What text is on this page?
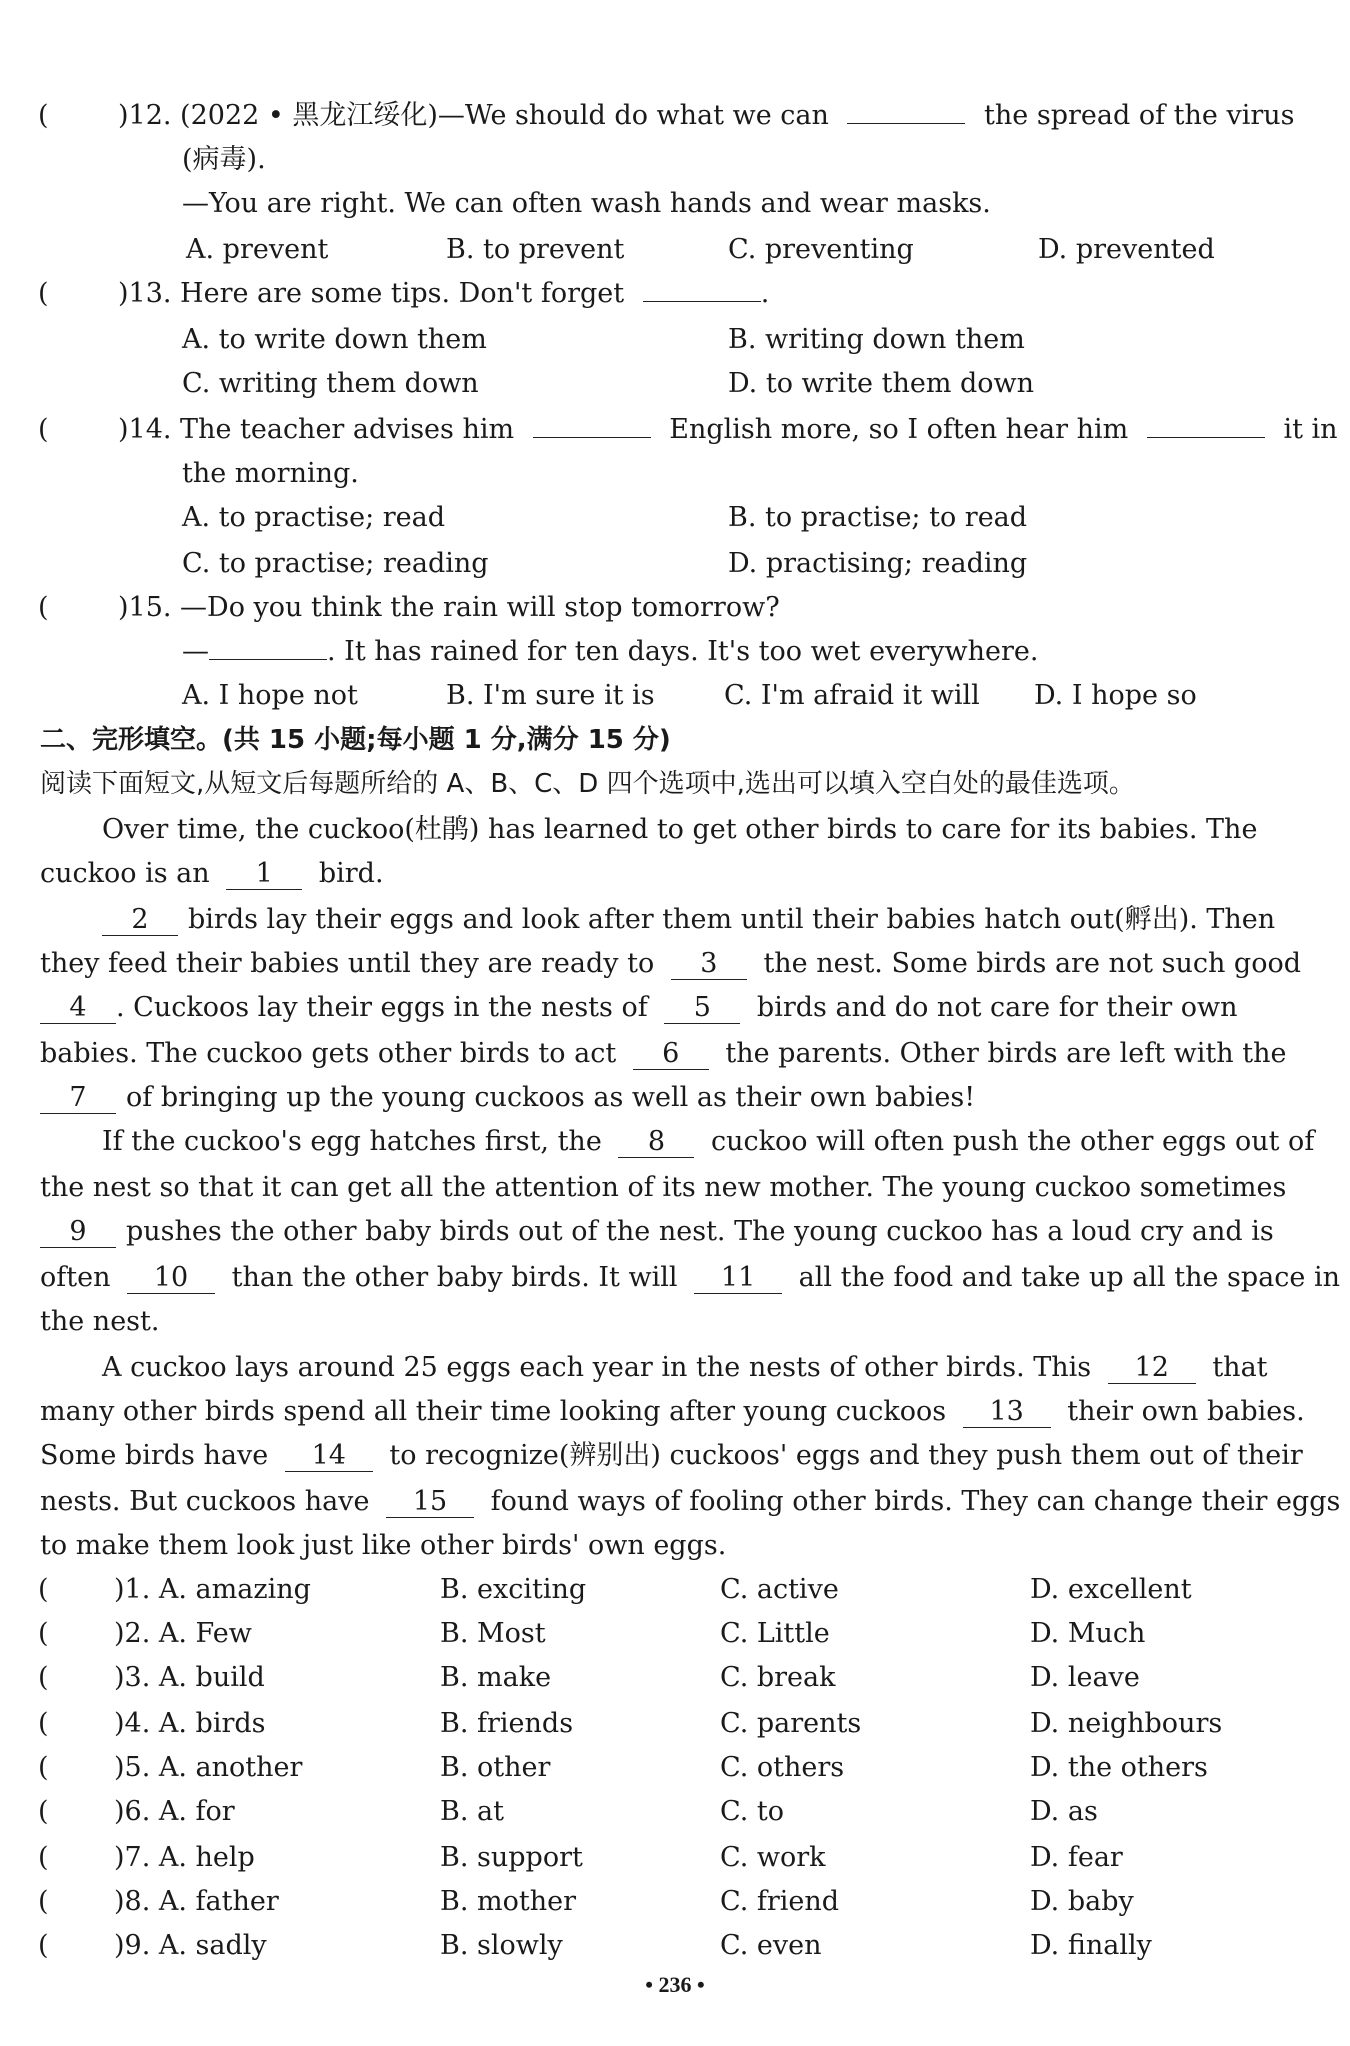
(	)12. (2022 • 黑龙江绥化)—We should do what we can	the spread of the virus
(病毒).
—You are right. We can often wash hands and wear masks.
A. prevent	B. to prevent	C. preventing	D. prevented
(	)13. Here are some tips. Don't forget	.
A. to write down them	B. writing down them
C. writing them down	D. to write them down
(	)14. The teacher advises him	English more, so I often hear him	it in
the morning.
A. to practise; read	B. to practise; to read
C. to practise; reading	D. practising; reading
(	)15. —Do you think the rain will stop tomorrow?
—	. It has rained for ten days. It's too wet everywhere.
A. I hope not	B. I'm sure it is	C. I'm afraid it will D. I hope so
二、完形填空。(共 15 小题;每小题 1 分,满分 15 分)
阅读下面短文,从短文后每题所给的 A、B、C、D 四个选项中,选出可以填入空白处的最佳选项。
Over time, the cuckoo(杜鹃) has learned to get other birds to care for its babies. The
cuckoo is an 1 bird.
2 birds lay their eggs and look after them until their babies hatch out(孵出). Then
they feed their babies until they are ready to 3 the nest. Some birds are not such good
4 . Cuckoos lay their eggs in the nests of 5 birds and do not care for their own
babies. The cuckoo gets other birds to act 6 the parents. Other birds are left with the
7 of bringing up the young cuckoos as well as their own babies!
If the cuckoo's egg hatches first, the 8 cuckoo will often push the other eggs out of
the nest so that it can get all the attention of its new mother. The young cuckoo sometimes
9 pushes the other baby birds out of the nest. The young cuckoo has a loud cry and is
often 10 than the other baby birds. It will 11 all the food and take up all the space in
the nest.
A cuckoo lays around 25 eggs each year in the nests of other birds. This 12 that
many other birds spend all their time looking after young cuckoos 13 their own babies.
Some birds have 14 to recognize(辨别出) cuckoos' eggs and they push them out of their
nests. But cuckoos have 15 found ways of fooling other birds. They can change their eggs
to make them look just like other birds' own eggs.
( )1. A. amazing	B. exciting	C. active	D. excellent
( )2. A. Few	B. Most	C. Little	D. Much
( )3. A. build	B. make	C. break	D. leave
( )4. A. birds	B. friends	C. parents	D. neighbours
( )5. A. another	B. other	C. others	D. the others
( )6. A. for	B. at	C. to	D. as
( )7. A. help	B. support	C. work	D. fear
( )8. A. father	B. mother	C. friend	D. baby
( )9. A. sadly	B. slowly	C. even	D. finally
• 236 •
